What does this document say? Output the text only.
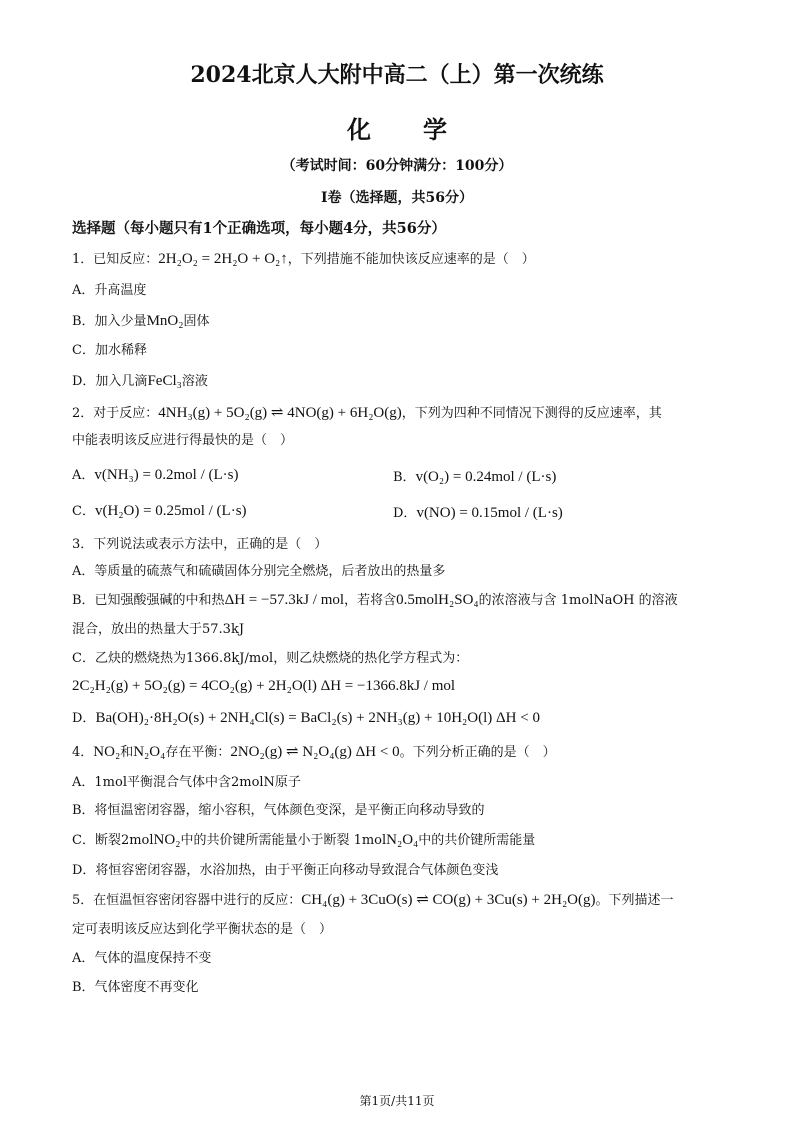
2024北京人大附中高二（上）第一次统练
化 学
（考试时间：60分钟满分：100分）
I卷（选择题，共56分）
选择题（每小题只有1个正确选项，每小题4分，共56分）
1．已知反应：2H₂O₂ = 2H₂O + O₂↑，下列措施不能加快该反应速率的是（　）
A．升高温度
B．加入少量MnO₂固体
C．加水稀释
D．加入几滴FeCl₃溶液
2．对于反应：4NH₃(g) + 5O₂(g) ⇌ 4NO(g) + 6H₂O(g)，下列为四种不同情况下测得的反应速率，其
中能表明该反应进行得最快的是（　）
A．v(NH₃) = 0.2mol / (L·s)	B．v(O₂) = 0.24mol / (L·s)
C．v(H₂O) = 0.25mol / (L·s)	D．v(NO) = 0.15mol / (L·s)
3．下列说法或表示方法中，正确的是（　）
A．等质量的硫蒸气和硫磺固体分别完全燃烧，后者放出的热量多
B．已知强酸强碱的中和热ΔH = −57.3kJ / mol，若将含0.5molH₂SO₄的浓溶液与含 1molNaOH 的溶液
混合，放出的热量大于57.3kJ
C．乙炔的燃烧热为1366.8kJ/mol，则乙炔燃烧的热化学方程式为：
2C₂H₂(g) + 5O₂(g) = 4CO₂(g) + 2H₂O(l) ΔH = −1366.8kJ / mol
D．Ba(OH)₂·8H₂O(s) + 2NH₄Cl(s) = BaCl₂(s) + 2NH₃(g) + 10H₂O(l) ΔH < 0
4．NO₂和N₂O₄存在平衡：2NO₂(g) ⇌ N₂O₄(g) ΔH < 0。下列分析正确的是（　）
A．1mol平衡混合气体中含2molN原子
B．将恒温密闭容器，缩小容积，气体颜色变深，是平衡正向移动导致的
C．断裂2molNO₂中的共价键所需能量小于断裂 1molN₂O₄中的共价键所需能量
D．将恒容密闭容器，水浴加热，由于平衡正向移动导致混合气体颜色变浅
5．在恒温恒容密闭容器中进行的反应：CH₄(g) + 3CuO(s) ⇌ CO(g) + 3Cu(s) + 2H₂O(g)。下列描述一
定可表明该反应达到化学平衡状态的是（　）
A．气体的温度保持不变
B．气体密度不再变化
第1页/共11页
